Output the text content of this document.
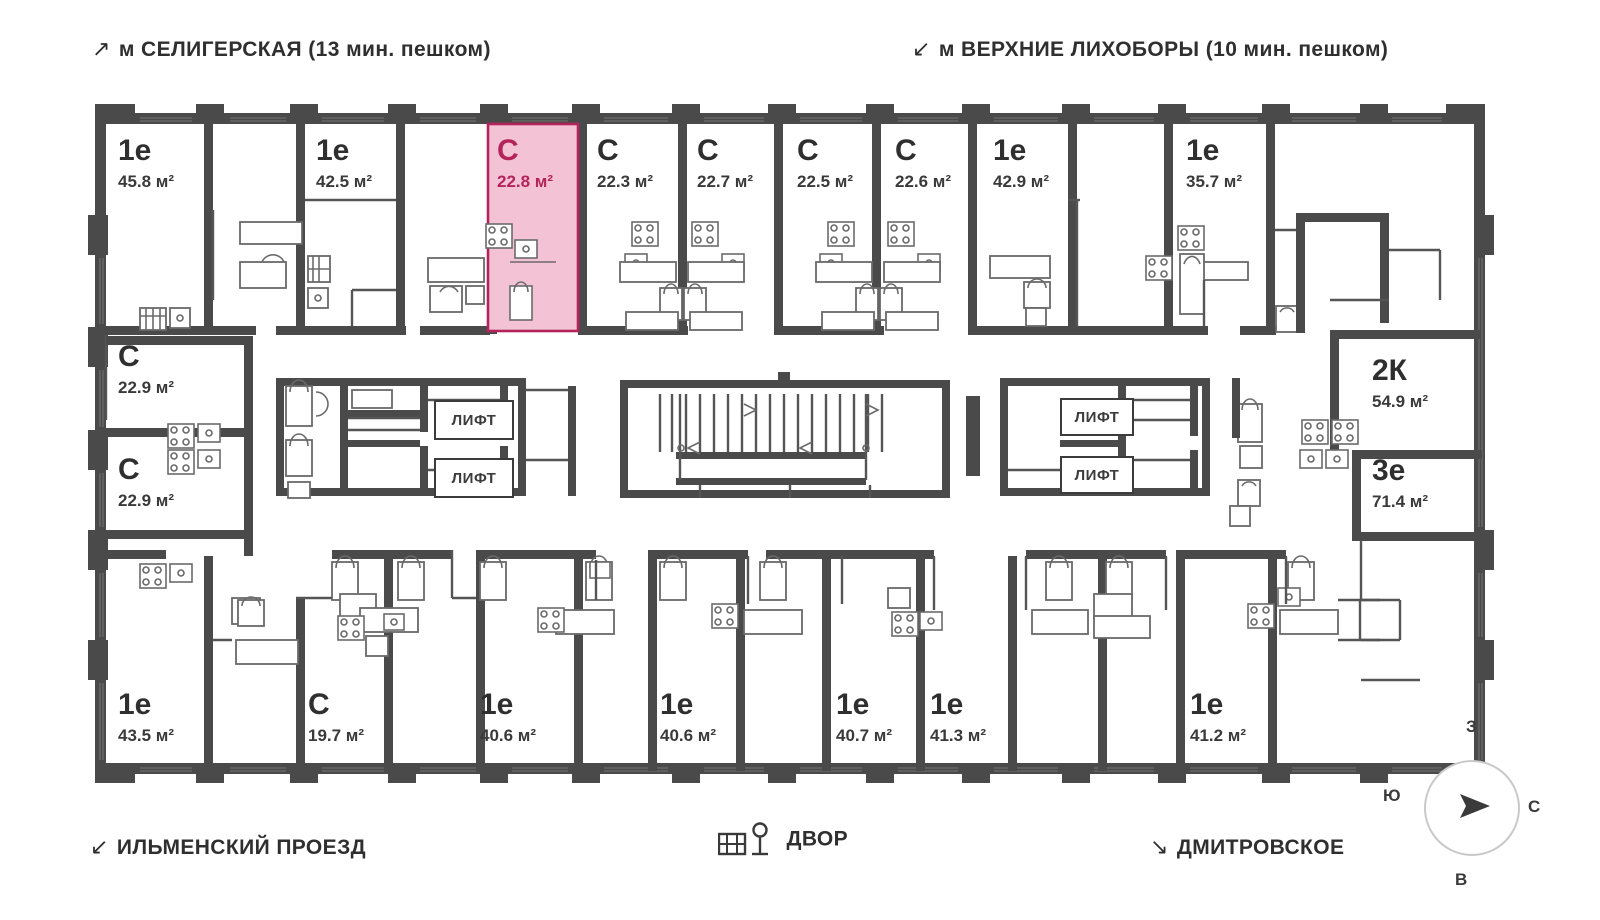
↗ м СЕЛИГЕРСКАЯ (13 мин. пешком)	↙ м ВЕРХНИЕ ЛИХОБОРЫ (10 мин. пешком)
1е
45.8 м²
1е
42.5 м²
С
22.8 м²
С
22.3 м²
С
22.7 м²
С
22.5 м²
С
22.6 м²
1е
42.9 м²
1е
35.7 м²
С
22.9 м²
С
22.9 м²
2К
54.9 м²
3е
71.4 м²
1е
43.5 м²
С
19.7 м²
1е
40.6 м²
1е
40.6 м²
1е
40.7 м²
1е
41.3 м²
1е
41.2 м²
ЛИФТ
ЛИФТ
ЛИФТ
ЛИФТ
↙ ИЛЬМЕНСКИЙ ПРОЕЗД	ДВОР	↘ ДМИТРОВСКОЕ
З
Ю
С
В
